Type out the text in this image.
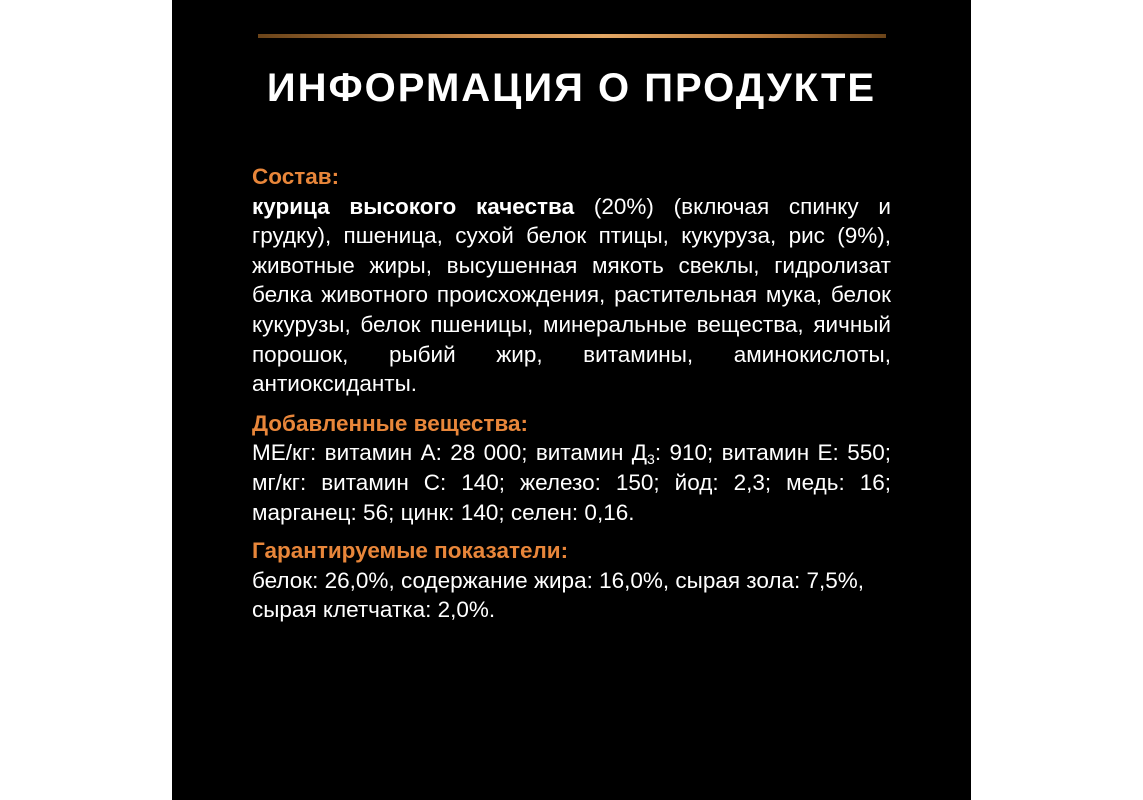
ИНФОРМАЦИЯ О ПРОДУКТЕ

Состав:

курица высокого качества (20%) (включая спинку и грудку), пшеница, сухой белок птицы, кукуруза, рис (9%), животные жиры, высушенная мякоть свеклы, гидролизат белка животного происхождения, растительная мука, белок кукурузы, белок пшеницы, минеральные вещества, яичный порошок, рыбий жир, витамины, аминокислоты, антиоксиданты.

Добавленные вещества:

МЕ/кг: витамин А: 28 000; витамин $Д_3$: 910; витамин Е: 550; мг/кг: витамин С: 140; железо: 150; йод: 2,3; медь: 16; марганец: 56; цинк: 140; селен: 0,16.

Гарантируемые показатели:

белок: 26,0%, содержание жира: 16,0%, сырая зола: 7,5%, сырая клетчатка: 2,0%.
